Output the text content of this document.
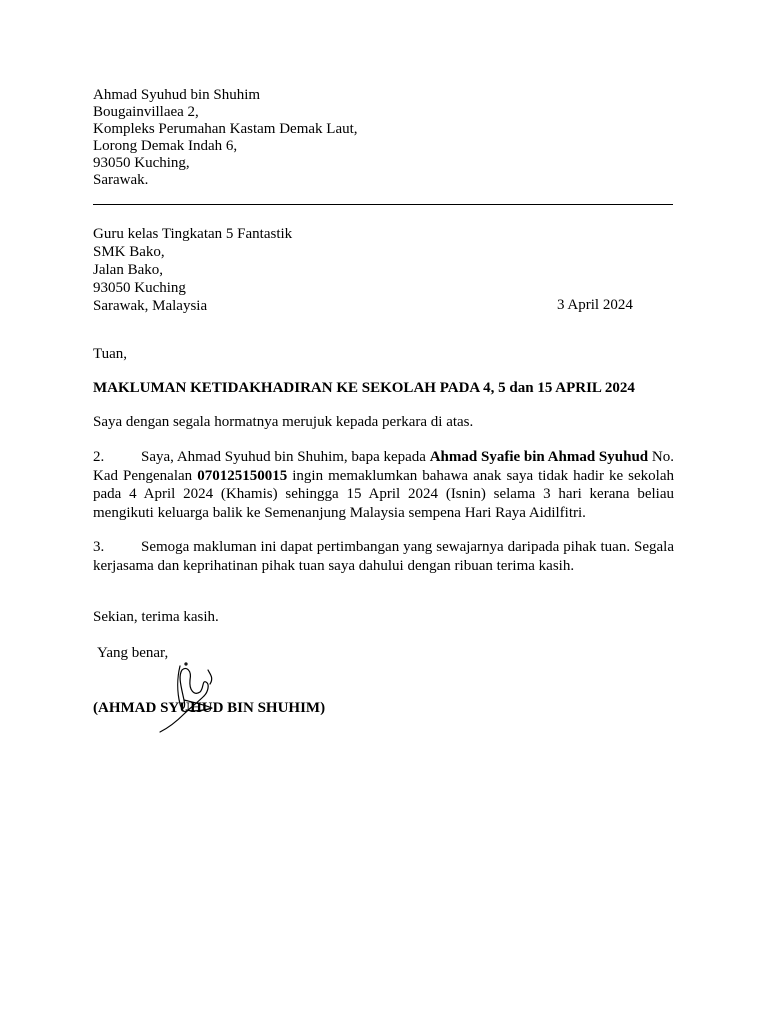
Ahmad Syuhud bin Shuhim
Bougainvillaea 2,
Kompleks Perumahan Kastam Demak Laut,
Lorong Demak Indah 6,
93050 Kuching,
Sarawak.
Guru kelas Tingkatan 5 Fantastik
SMK Bako,
Jalan Bako,
93050 Kuching
Sarawak, Malaysia	3 April 2024
Tuan,
MAKLUMAN KETIDAKHADIRAN KE SEKOLAH PADA 4, 5 dan 15 APRIL 2024
Saya dengan segala hormatnya merujuk kepada perkara di atas.
2. Saya, Ahmad Syuhud bin Shuhim, bapa kepada Ahmad Syafie bin Ahmad Syuhud No. Kad Pengenalan 070125150015 ingin memaklumkan bahawa anak saya tidak hadir ke sekolah pada 4 April 2024 (Khamis) sehingga 15 April 2024 (Isnin) selama 3 hari kerana beliau mengikuti keluarga balik ke Semenanjung Malaysia sempena Hari Raya Aidilfitri.
3. Semoga makluman ini dapat pertimbangan yang sewajarnya daripada pihak tuan. Segala kerjasama dan keprihatinan pihak tuan saya dahului dengan ribuan terima kasih.
Sekian, terima kasih.
Yang benar,
(AHMAD SYUHUD BIN SHUHIM)
